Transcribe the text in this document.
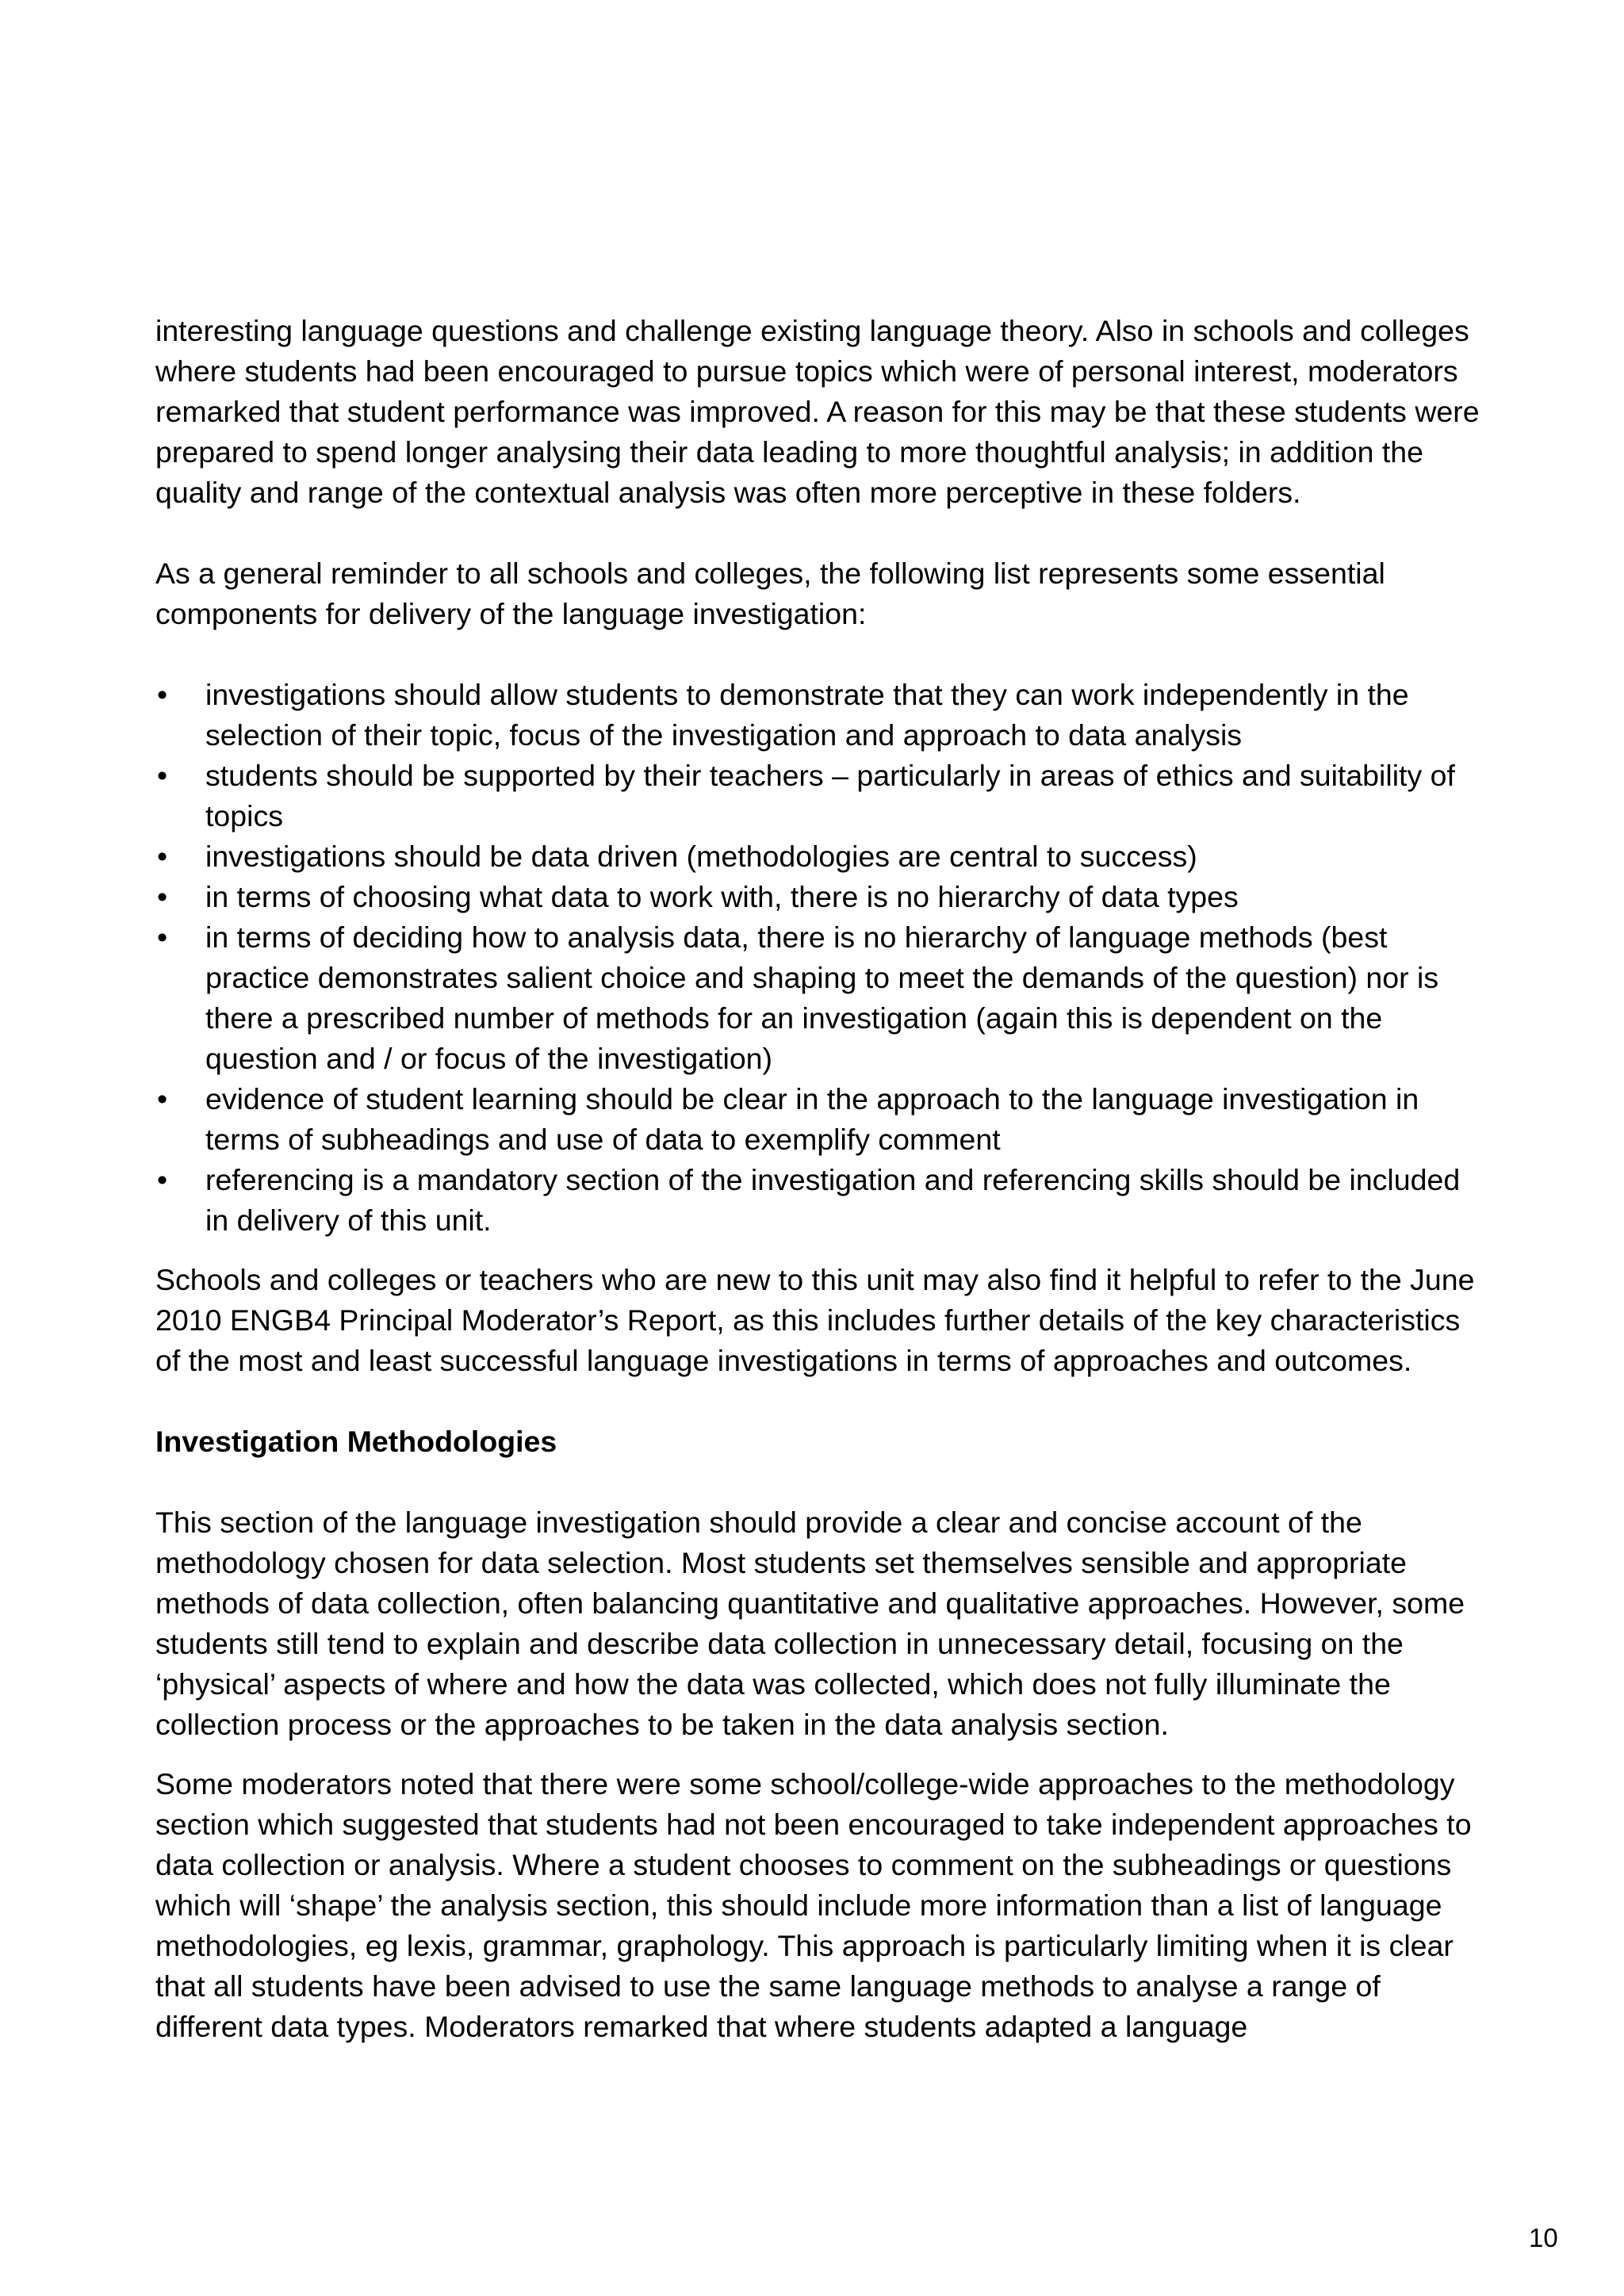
interesting language questions and challenge existing language theory. Also in schools and colleges where students had been encouraged to pursue topics which were of personal interest, moderators remarked that student performance was improved. A reason for this may be that these students were prepared to spend longer analysing their data leading to more thoughtful analysis; in addition the quality and range of the contextual analysis was often more perceptive in these folders.

As a general reminder to all schools and colleges, the following list represents some essential components for delivery of the language investigation:

• investigations should allow students to demonstrate that they can work independently in the selection of their topic, focus of the investigation and approach to data analysis
• students should be supported by their teachers – particularly in areas of ethics and suitability of topics
• investigations should be data driven (methodologies are central to success)
• in terms of choosing what data to work with, there is no hierarchy of data types
• in terms of deciding how to analysis data, there is no hierarchy of language methods (best practice demonstrates salient choice and shaping to meet the demands of the question) nor is there a prescribed number of methods for an investigation (again this is dependent on the question and / or focus of the investigation)
• evidence of student learning should be clear in the approach to the language investigation in terms of subheadings and use of data to exemplify comment
• referencing is a mandatory section of the investigation and referencing skills should be included in delivery of this unit.

Schools and colleges or teachers who are new to this unit may also find it helpful to refer to the June 2010 ENGB4 Principal Moderator’s Report, as this includes further details of the key characteristics of the most and least successful language investigations in terms of approaches and outcomes.

Investigation Methodologies

This section of the language investigation should provide a clear and concise account of the methodology chosen for data selection. Most students set themselves sensible and appropriate methods of data collection, often balancing quantitative and qualitative approaches. However, some students still tend to explain and describe data collection in unnecessary detail, focusing on the ‘physical’ aspects of where and how the data was collected, which does not fully illuminate the collection process or the approaches to be taken in the data analysis section.

Some moderators noted that there were some school/college-wide approaches to the methodology section which suggested that students had not been encouraged to take independent approaches to data collection or analysis. Where a student chooses to comment on the subheadings or questions which will ‘shape’ the analysis section, this should include more information than a list of language methodologies, eg lexis, grammar, graphology. This approach is particularly limiting when it is clear that all students have been advised to use the same language methods to analyse a range of different data types. Moderators remarked that where students adapted a language

10
